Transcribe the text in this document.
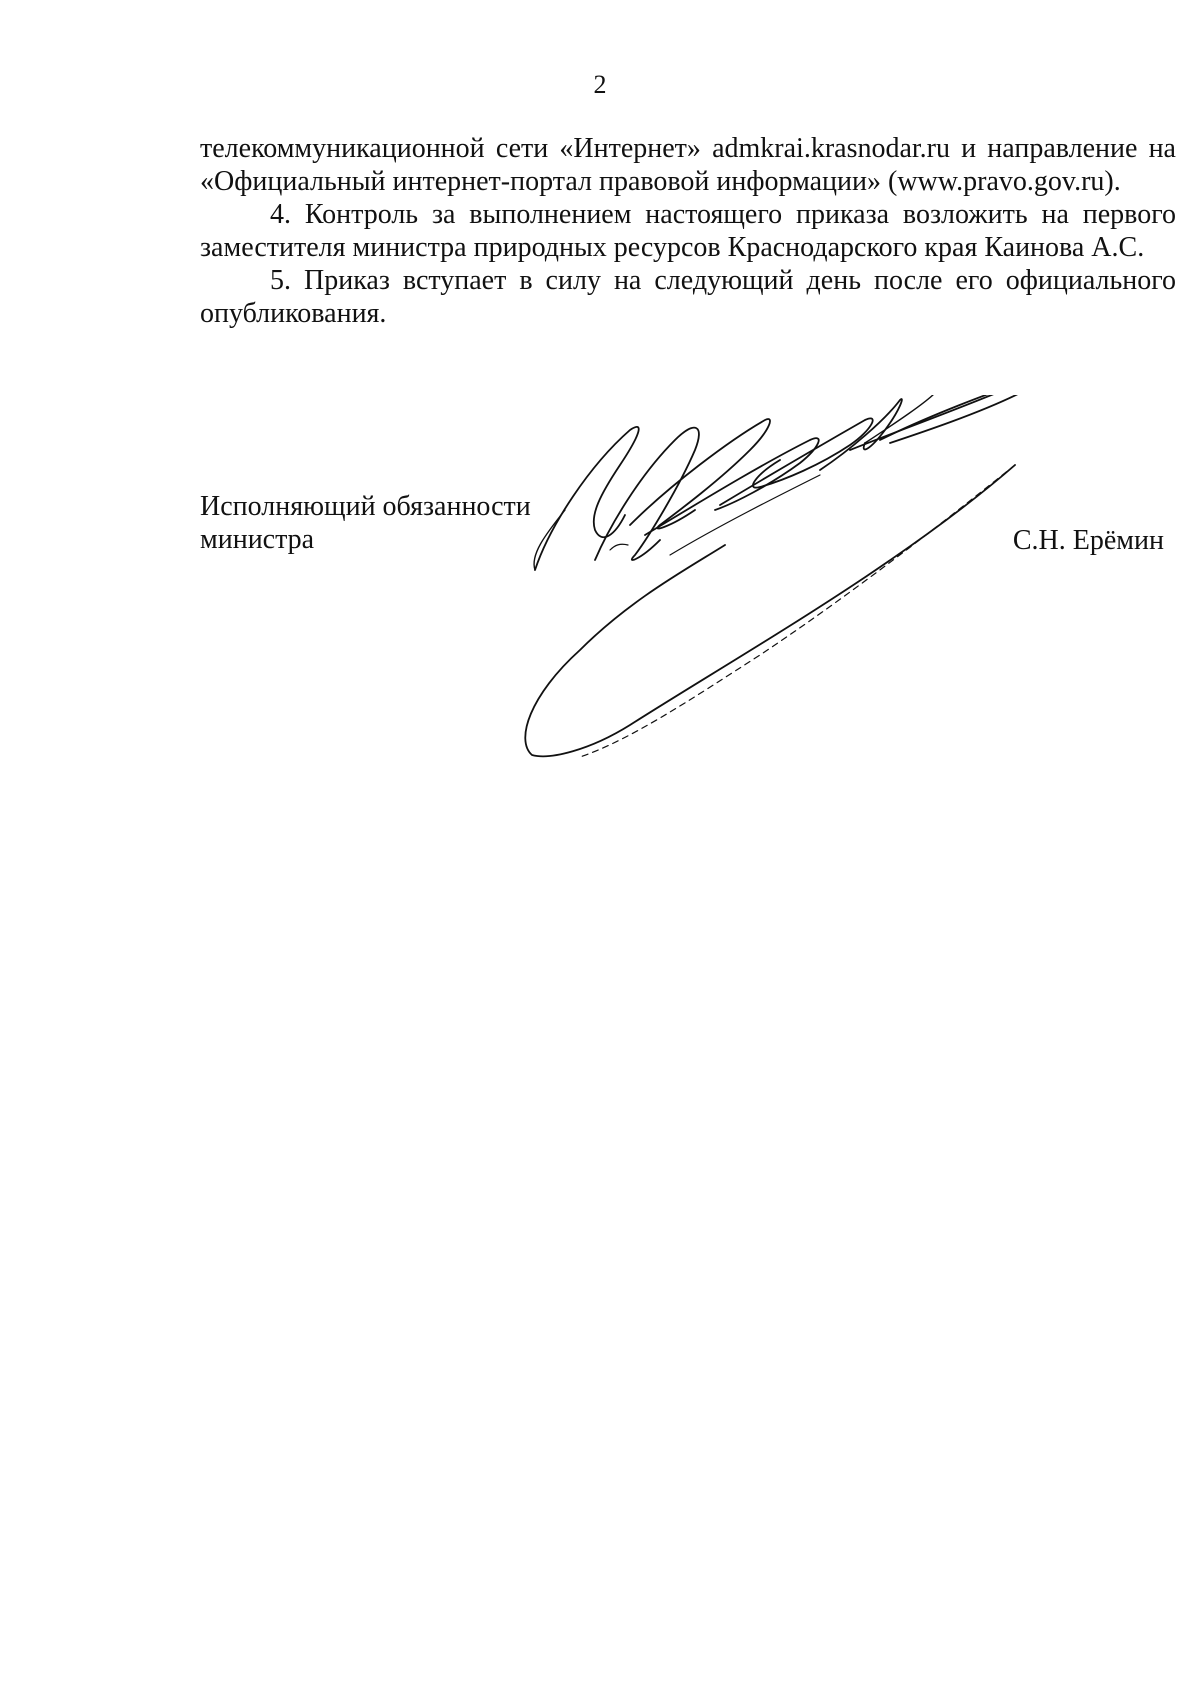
2

телекоммуникационной сети «Интернет» admkrai.krasnodar.ru и направление на «Официальный интернет-портал правовой информации» (www.pravo.gov.ru).

4. Контроль за выполнением настоящего приказа возложить на первого заместителя министра природных ресурсов Краснодарского края Каинова А.С.

5. Приказ вступает в силу на следующий день после его официального опубликования.

Исполняющий обязанности
министра	С.Н. Ерёмин
